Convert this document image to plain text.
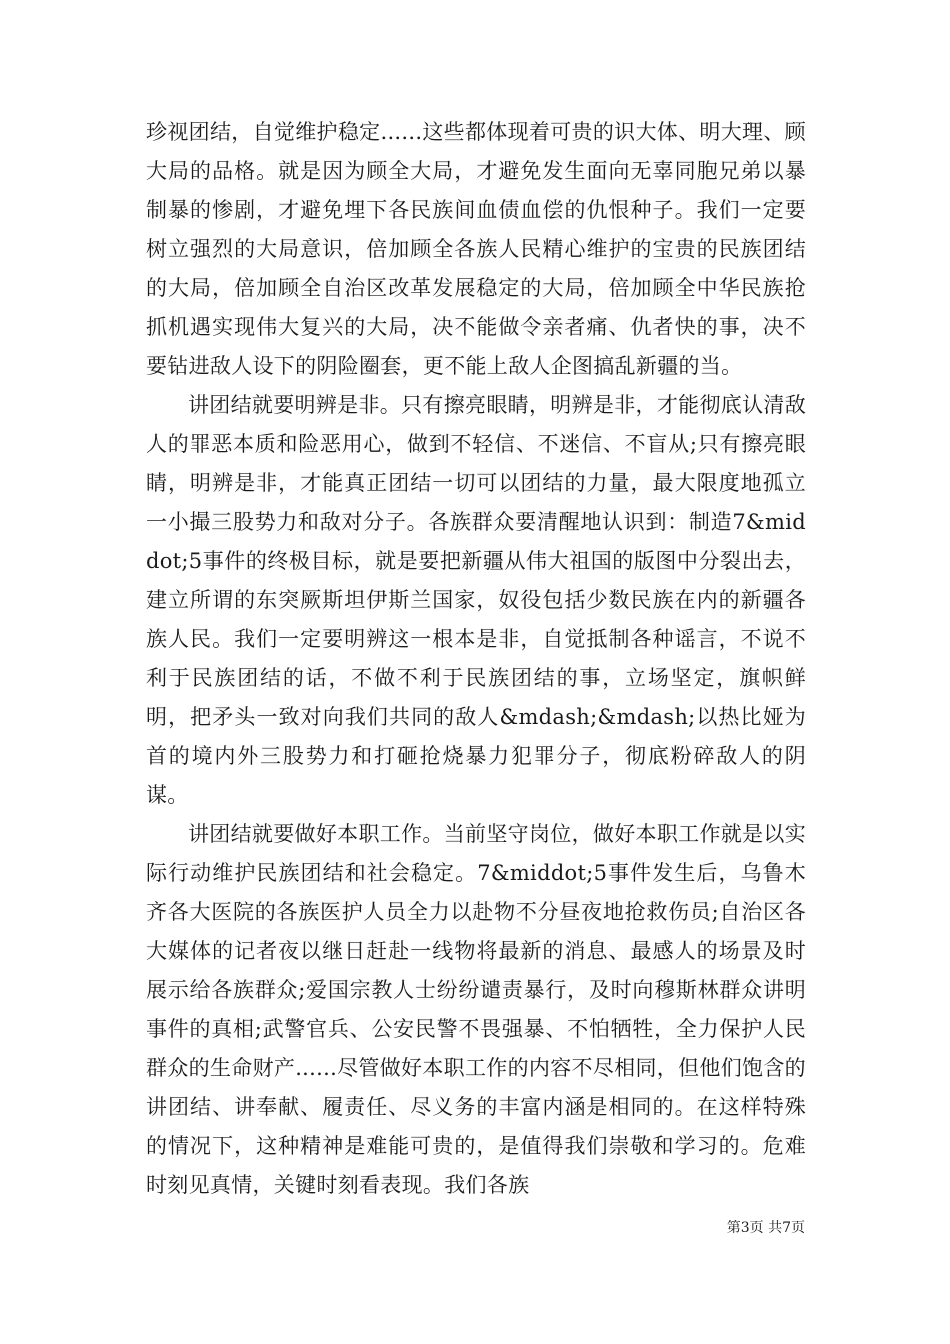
珍视团结，自觉维护稳定......这些都体现着可贵的识大体、明大理、顾大局的品格。就是因为顾全大局，才避免发生面向无辜同胞兄弟以暴制暴的惨剧，才避免埋下各民族间血债血偿的仇恨种子。我们一定要树立强烈的大局意识，倍加顾全各族人民精心维护的宝贵的民族团结的大局，倍加顾全自治区改革发展稳定的大局，倍加顾全中华民族抢抓机遇实现伟大复兴的大局，决不能做令亲者痛、仇者快的事，决不要钻进敌人设下的阴险圈套，更不能上敌人企图搞乱新疆的当。

讲团结就要明辨是非。只有擦亮眼睛，明辨是非，才能彻底认清敌人的罪恶本质和险恶用心，做到不轻信、不迷信、不盲从;只有擦亮眼睛，明辨是非，才能真正团结一切可以团结的力量，最大限度地孤立一小撮三股势力和敌对分子。各族群众要清醒地认识到：制造7&middot;5事件的终极目标，就是要把新疆从伟大祖国的版图中分裂出去，建立所谓的东突厥斯坦伊斯兰国家，奴役包括少数民族在内的新疆各族人民。我们一定要明辨这一根本是非，自觉抵制各种谣言，不说不利于民族团结的话，不做不利于民族团结的事，立场坚定，旗帜鲜明，把矛头一致对向我们共同的敌人&mdash;&mdash;以热比娅为首的境内外三股势力和打砸抢烧暴力犯罪分子，彻底粉碎敌人的阴谋。

讲团结就要做好本职工作。当前坚守岗位，做好本职工作就是以实际行动维护民族团结和社会稳定。7&middot;5事件发生后，乌鲁木齐各大医院的各族医护人员全力以赴物不分昼夜地抢救伤员;自治区各大媒体的记者夜以继日赶赴一线物将最新的消息、最感人的场景及时展示给各族群众;爱国宗教人士纷纷谴责暴行，及时向穆斯林群众讲明事件的真相;武警官兵、公安民警不畏强暴、不怕牺牲，全力保护人民群众的生命财产......尽管做好本职工作的内容不尽相同，但他们饱含的讲团结、讲奉献、履责任、尽义务的丰富内涵是相同的。在这样特殊的情况下，这种精神是难能可贵的，是值得我们崇敬和学习的。危难时刻见真情，关键时刻看表现。我们各族

第3页 共7页
